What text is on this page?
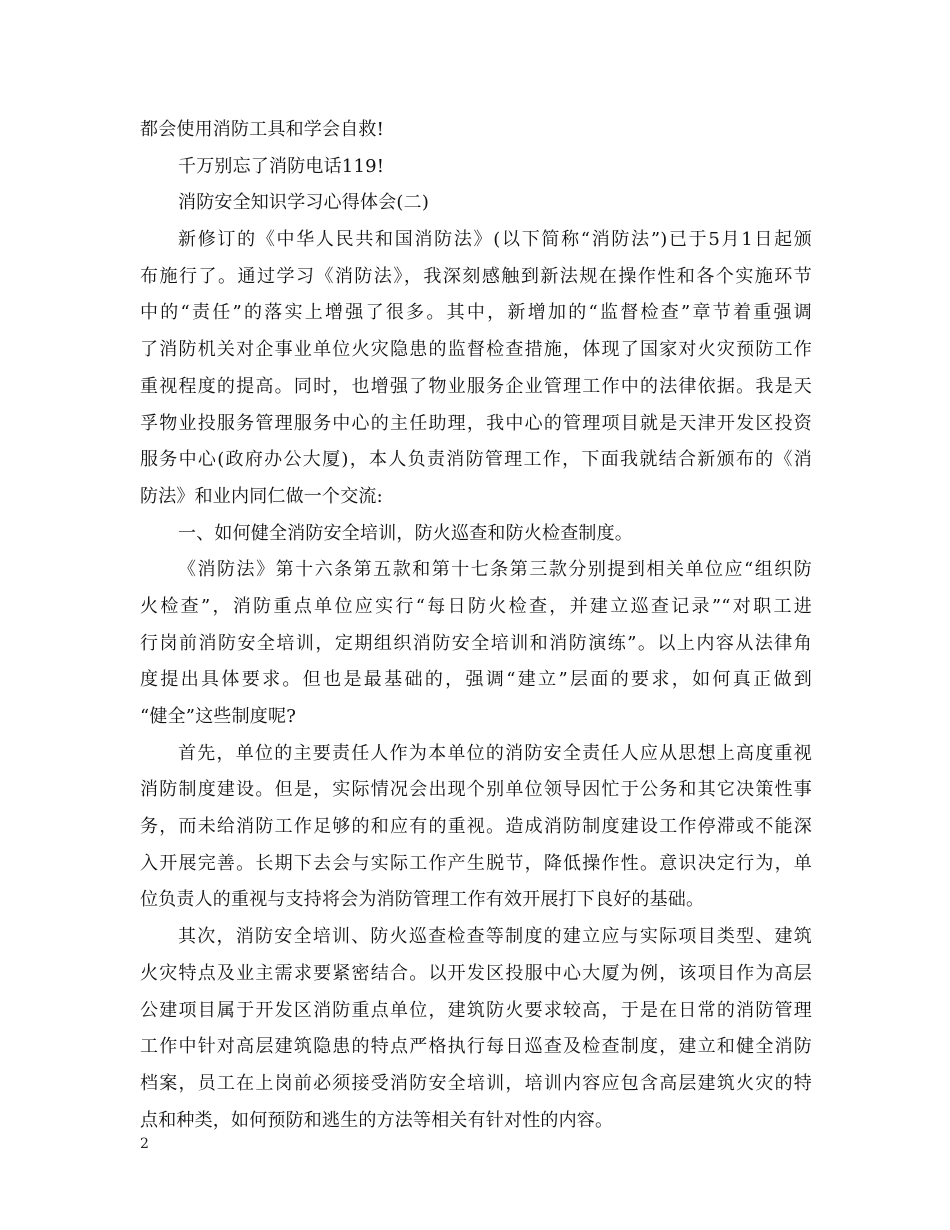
都会使用消防工具和学会自救!
千万别忘了消防电话119!
消防安全知识学习心得体会(二)
新修订的《中华人民共和国消防法》(以下简称“消防法”)已于5月1日起颁
布施行了。通过学习《消防法》，我深刻感触到新法规在操作性和各个实施环节
中的“责任”的落实上增强了很多。其中，新增加的“监督检查”章节着重强调
了消防机关对企事业单位火灾隐患的监督检查措施，体现了国家对火灾预防工作
重视程度的提高。同时，也增强了物业服务企业管理工作中的法律依据。我是天
孚物业投服务管理服务中心的主任助理，我中心的管理项目就是天津开发区投资
服务中心(政府办公大厦)，本人负责消防管理工作，下面我就结合新颁布的《消
防法》和业内同仁做一个交流:
一、如何健全消防安全培训，防火巡查和防火检查制度。
《消防法》第十六条第五款和第十七条第三款分别提到相关单位应“组织防
火检查”，消防重点单位应实行“每日防火检查，并建立巡查记录”“对职工进
行岗前消防安全培训，定期组织消防安全培训和消防演练”。以上内容从法律角
度提出具体要求。但也是最基础的，强调“建立”层面的要求，如何真正做到
“健全”这些制度呢?
首先，单位的主要责任人作为本单位的消防安全责任人应从思想上高度重视
消防制度建设。但是，实际情况会出现个别单位领导因忙于公务和其它决策性事
务，而未给消防工作足够的和应有的重视。造成消防制度建设工作停滞或不能深
入开展完善。长期下去会与实际工作产生脱节，降低操作性。意识决定行为，单
位负责人的重视与支持将会为消防管理工作有效开展打下良好的基础。
其次，消防安全培训、防火巡查检查等制度的建立应与实际项目类型、建筑
火灾特点及业主需求要紧密结合。以开发区投服中心大厦为例，该项目作为高层
公建项目属于开发区消防重点单位，建筑防火要求较高，于是在日常的消防管理
工作中针对高层建筑隐患的特点严格执行每日巡查及检查制度，建立和健全消防
档案，员工在上岗前必须接受消防安全培训，培训内容应包含高层建筑火灾的特
点和种类，如何预防和逃生的方法等相关有针对性的内容。
2
